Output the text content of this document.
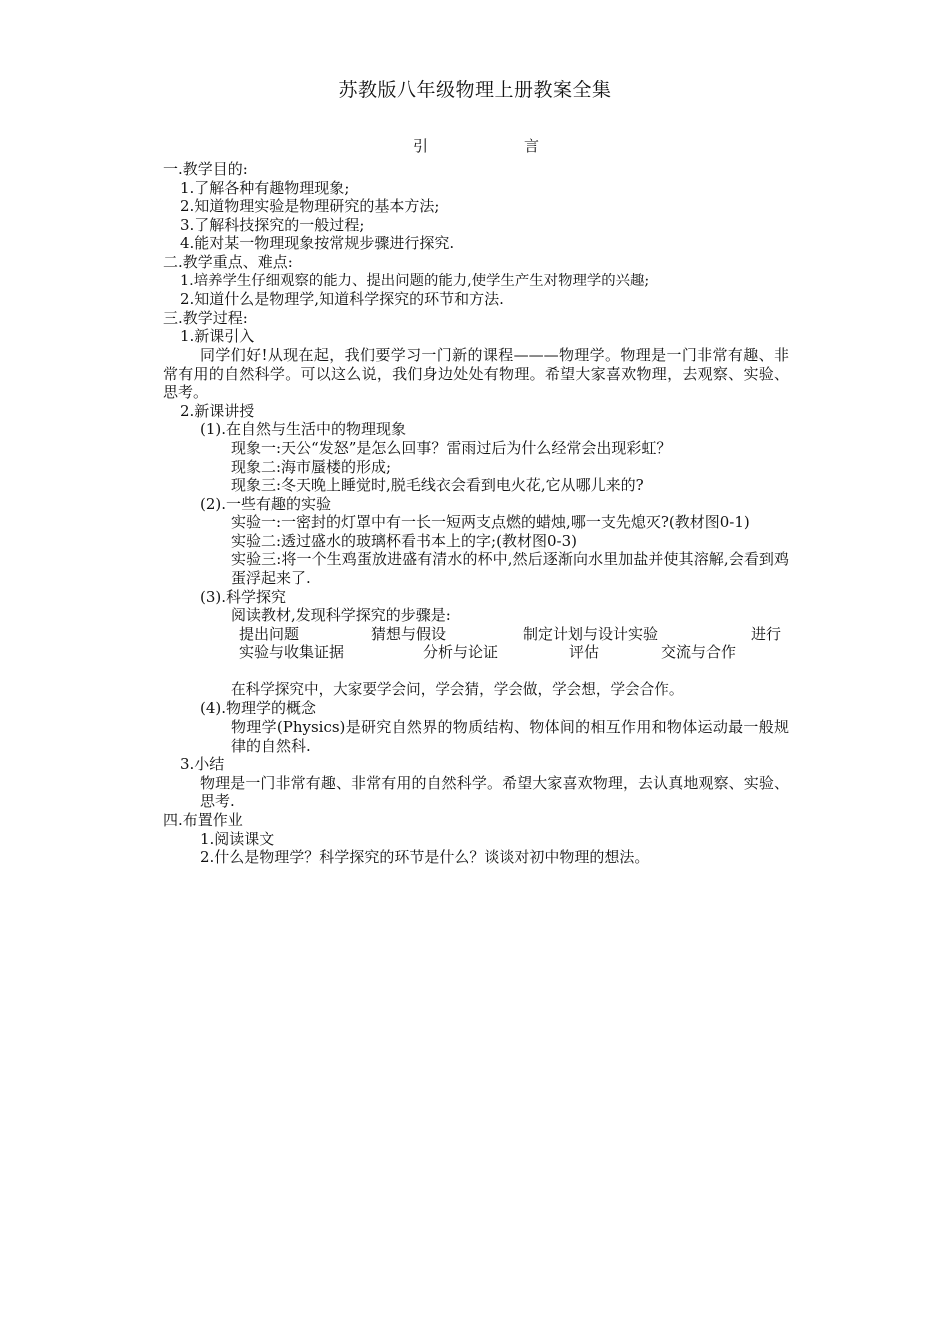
苏教版八年级物理上册教案全集
引	言
一.教学目的:
1.了解各种有趣物理现象;
2.知道物理实验是物理研究的基本方法;
3.了解科技探究的一般过程;
4.能对某一物理现象按常规步骤进行探究.
二.教学重点、难点:
1.培养学生仔细观察的能力、提出问题的能力,使学生产生对物理学的兴趣;
2.知道什么是物理学,知道科学探究的环节和方法.
三.教学过程:
1.新课引入
同学们好!从现在起，我们要学习一门新的课程———物理学。物理是一门非常有趣、非常有用的自然科学。可以这么说，我们身边处处有物理。希望大家喜欢物理，去观察、实验、思考。
2.新课讲授
(1).在自然与生活中的物理现象
现象一:天公“发怒”是怎么回事？雷雨过后为什么经常会出现彩虹？
现象二:海市蜃楼的形成;
现象三:冬天晚上睡觉时,脱毛线衣会看到电火花,它从哪儿来的?
(2).一些有趣的实验
实验一:一密封的灯罩中有一长一短两支点燃的蜡烛,哪一支先熄灭?(教材图0-1)
实验二:透过盛水的玻璃杯看书本上的字;(教材图0-3)
实验三:将一个生鸡蛋放进盛有清水的杯中,然后逐渐向水里加盐并使其溶解,会看到鸡蛋浮起来了.
(3).科学探究
阅读教材,发现科学探究的步骤是:
提出问题	猜想与假设	制定计划与设计实验	进行
实验与收集证据	分析与论证	评估	交流与合作
在科学探究中，大家要学会问，学会猜，学会做，学会想，学会合作。
(4).物理学的概念
物理学(Physics)是研究自然界的物质结构、物体间的相互作用和物体运动最一般规律的自然科.
3.小结
物理是一门非常有趣、非常有用的自然科学。希望大家喜欢物理，去认真地观察、实验、思考.
四.布置作业
1.阅读课文
2.什么是物理学？科学探究的环节是什么？谈谈对初中物理的想法。
